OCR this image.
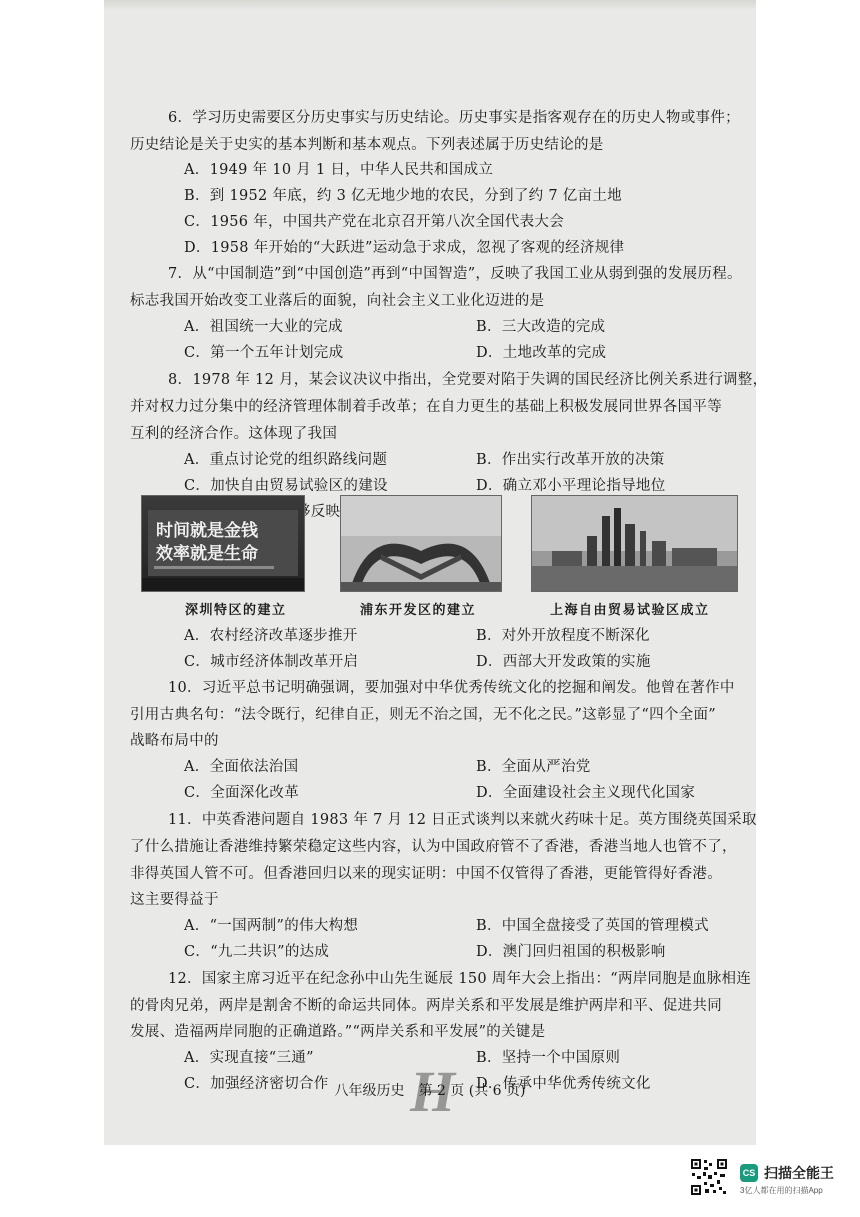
6．学习历史需要区分历史事实与历史结论。历史事实是指客观存在的历史人物或事件；
历史结论是关于史实的基本判断和基本观点。下列表述属于历史结论的是
A．1949 年 10 月 1 日，中华人民共和国成立
B．到 1952 年底，约 3 亿无地少地的农民，分到了约 7 亿亩土地
C．1956 年，中国共产党在北京召开第八次全国代表大会
D．1958 年开始的“大跃进”运动急于求成，忽视了客观的经济规律
7．从“中国制造”到“中国创造”再到“中国智造”，反映了我国工业从弱到强的发展历程。
标志我国开始改变工业落后的面貌，向社会主义工业化迈进的是
A．祖国统一大业的完成	B．三大改造的完成
C．第一个五年计划完成	D．土地改革的完成
8．1978 年 12 月，某会议决议中指出，全党要对陷于失调的国民经济比例关系进行调整，
并对权力过分集中的经济管理体制着手改革；在自力更生的基础上积极发展同世界各国平等
互利的经济合作。这体现了我国
A．重点讨论党的组织路线问题	B．作出实行改革开放的决策
C．加快自由贸易试验区的建设	D．确立邓小平理论指导地位
时间就是金钱
效率就是生命
深圳特区的建立	浦东开发区的建立	上海自由贸易试验区成立
A．农村经济改革逐步推开	B．对外开放程度不断深化
C．城市经济体制改革开启	D．西部大开发政策的实施
10．习近平总书记明确强调，要加强对中华优秀传统文化的挖掘和阐发。他曾在著作中
引用古典名句：“法令既行，纪律自正，则无不治之国，无不化之民。”这彰显了“四个全面”
战略布局中的
A．全面依法治国	B．全面从严治党
C．全面深化改革	D．全面建设社会主义现代化国家
11．中英香港问题自 1983 年 7 月 12 日正式谈判以来就火药味十足。英方围绕英国采取
了什么措施让香港维持繁荣稳定这些内容，认为中国政府管不了香港，香港当地人也管不了，
非得英国人管不可。但香港回归以来的现实证明：中国不仅管得了香港，更能管得好香港。
这主要得益于
A．“一国两制”的伟大构想	B．中国全盘接受了英国的管理模式
C．“九二共识”的达成	D．澳门回归祖国的积极影响
12．国家主席习近平在纪念孙中山先生诞辰 150 周年大会上指出：“两岸同胞是血脉相连
的骨肉兄弟，两岸是割舍不断的命运共同体。两岸关系和平发展是维护两岸和平、促进共同
发展、造福两岸同胞的正确道路。”“两岸关系和平发展”的关键是
A．实现直接“三通”	B．坚持一个中国原则
C．加强经济密切合作	D．传承中华优秀传统文化
H
八年级历史　第 2 页 (共 6 页)
CS 扫描全能王
3亿人都在用的扫描App
